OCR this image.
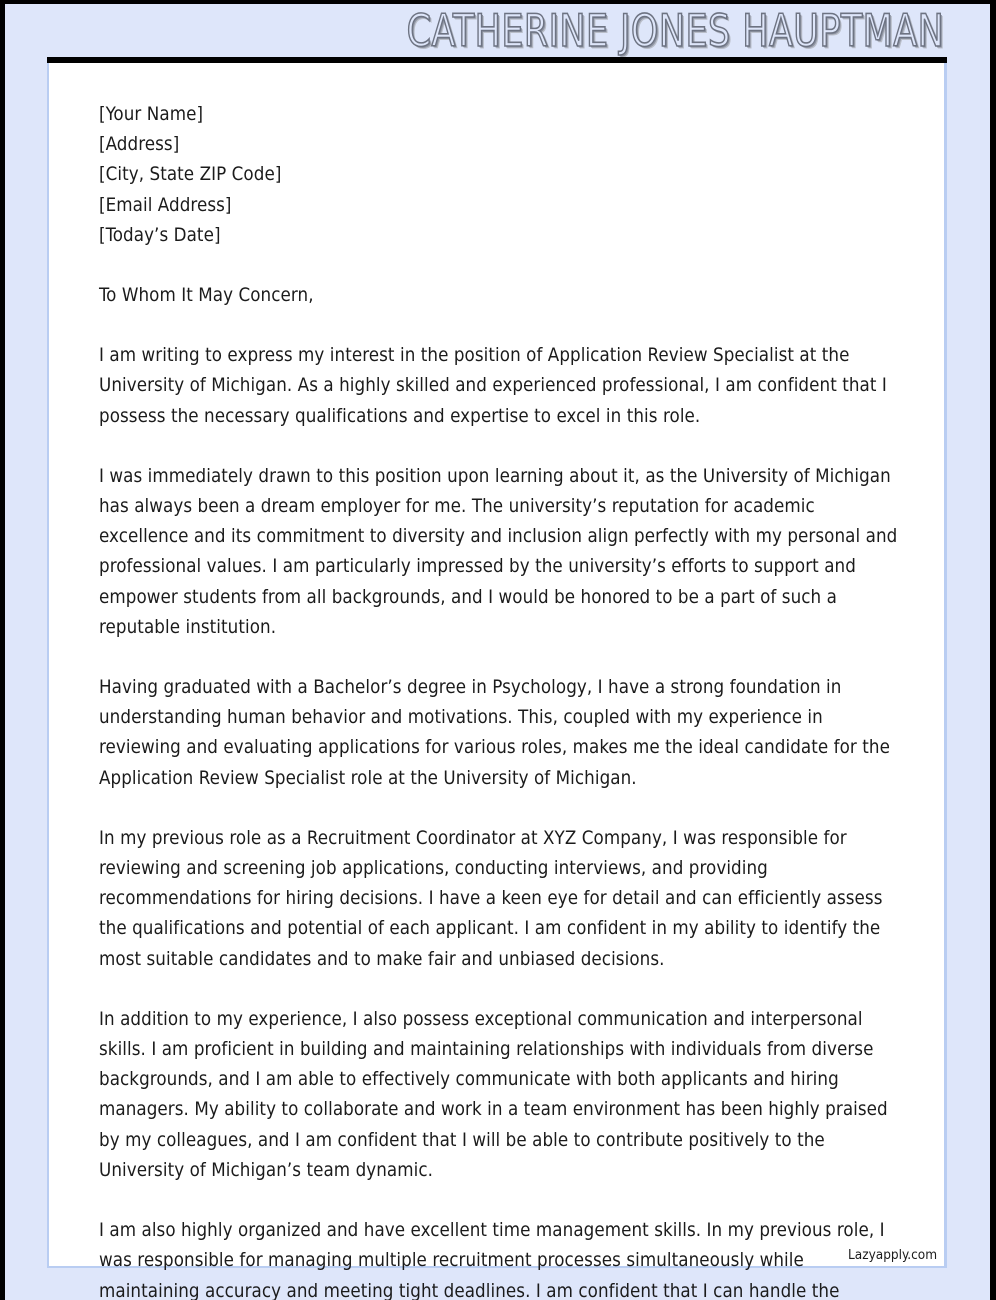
CATHERINE JONES HAUPTMAN
[Your Name]
[Address]
[City, State ZIP Code]
[Email Address]
[Today’s Date]
To Whom It May Concern,
I am writing to express my interest in the position of Application Review Specialist at the University of Michigan. As a highly skilled and experienced professional, I am confident that I possess the necessary qualifications and expertise to excel in this role.
I was immediately drawn to this position upon learning about it, as the University of Michigan has always been a dream employer for me. The university’s reputation for academic excellence and its commitment to diversity and inclusion align perfectly with my personal and professional values. I am particularly impressed by the university’s efforts to support and empower students from all backgrounds, and I would be honored to be a part of such a reputable institution.
Having graduated with a Bachelor’s degree in Psychology, I have a strong foundation in understanding human behavior and motivations. This, coupled with my experience in reviewing and evaluating applications for various roles, makes me the ideal candidate for the Application Review Specialist role at the University of Michigan.
In my previous role as a Recruitment Coordinator at XYZ Company, I was responsible for reviewing and screening job applications, conducting interviews, and providing recommendations for hiring decisions. I have a keen eye for detail and can efficiently assess the qualifications and potential of each applicant. I am confident in my ability to identify the most suitable candidates and to make fair and unbiased decisions.
In addition to my experience, I also possess exceptional communication and interpersonal skills. I am proficient in building and maintaining relationships with individuals from diverse backgrounds, and I am able to effectively communicate with both applicants and hiring managers. My ability to collaborate and work in a team environment has been highly praised by my colleagues, and I am confident that I will be able to contribute positively to the University of Michigan’s team dynamic.
I am also highly organized and have excellent time management skills. In my previous role, I was responsible for managing multiple recruitment processes simultaneously while maintaining accuracy and meeting tight deadlines. I am confident that I can handle the
Lazyapply.com
